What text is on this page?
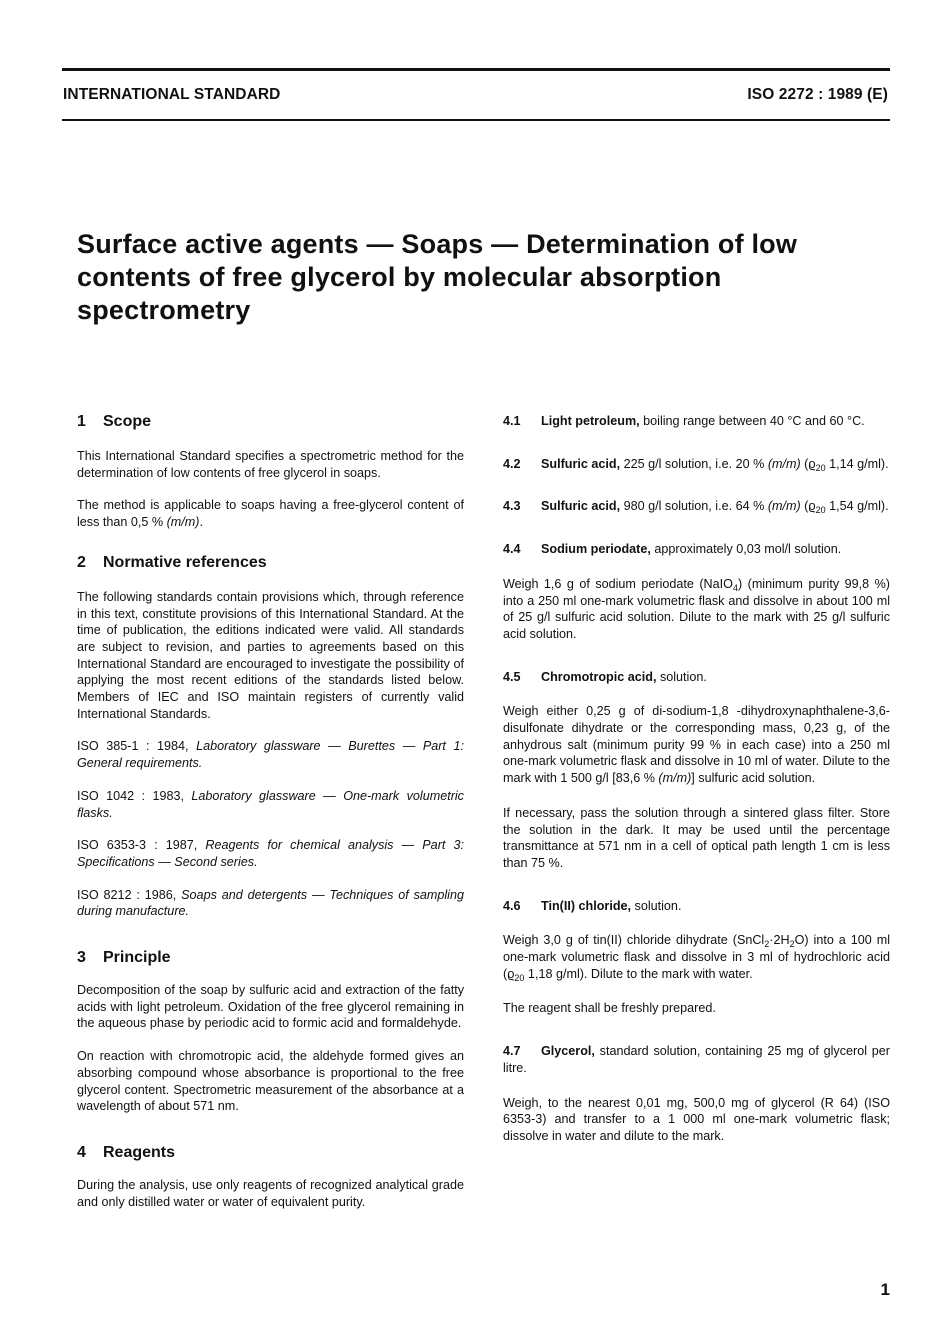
INTERNATIONAL STANDARD	ISO 2272 : 1989 (E)
Surface active agents — Soaps — Determination of low contents of free glycerol by molecular absorption spectrometry
1 Scope

This International Standard specifies a spectrometric method for the determination of low contents of free glycerol in soaps.

The method is applicable to soaps having a free-glycerol content of less than 0,5 % (m/m).

2 Normative references

The following standards contain provisions which, through reference in this text, constitute provisions of this International Standard. At the time of publication, the editions indicated were valid. All standards are subject to revision, and parties to agreements based on this International Standard are encouraged to investigate the possibility of applying the most recent editions of the standards listed below. Members of IEC and ISO maintain registers of currently valid International Standards.

ISO 385-1 : 1984, Laboratory glassware — Burettes — Part 1: General requirements.

ISO 1042 : 1983, Laboratory glassware — One-mark volumetric flasks.

ISO 6353-3 : 1987, Reagents for chemical analysis — Part 3: Specifications — Second series.

ISO 8212 : 1986, Soaps and detergents — Techniques of sampling during manufacture.

3 Principle

Decomposition of the soap by sulfuric acid and extraction of the fatty acids with light petroleum. Oxidation of the free glycerol remaining in the aqueous phase by periodic acid to formic acid and formaldehyde.

On reaction with chromotropic acid, the aldehyde formed gives an absorbing compound whose absorbance is proportional to the free glycerol content. Spectrometric measurement of the absorbance at a wavelength of about 571 nm.

4 Reagents

During the analysis, use only reagents of recognized analytical grade and only distilled water or water of equivalent purity.

4.1 Light petroleum, boiling range between 40 °C and 60 °C.

4.2 Sulfuric acid, 225 g/l solution, i.e. 20 % (m/m) ($ϱ_{20}$ 1,14 g/ml).

4.3 Sulfuric acid, 980 g/l solution, i.e. 64 % (m/m) ($ϱ_{20}$ 1,54 g/ml).

4.4 Sodium periodate, approximately 0,03 mol/l solution.

Weigh 1,6 g of sodium periodate (NaIO$_4$) (minimum purity 99,8 %) into a 250 ml one-mark volumetric flask and dissolve in about 100 ml of 25 g/l sulfuric acid solution. Dilute to the mark with 25 g/l sulfuric acid solution.

4.5 Chromotropic acid, solution.

Weigh either 0,25 g of di-sodium-1,8 -dihydroxynaphthalene-3,6-disulfonate dihydrate or the corresponding mass, 0,23 g, of the anhydrous salt (minimum purity 99 % in each case) into a 250 ml one-mark volumetric flask and dissolve in 10 ml of water. Dilute to the mark with 1 500 g/l [83,6 % (m/m)] sulfuric acid solution.

If necessary, pass the solution through a sintered glass filter. Store the solution in the dark. It may be used until the percentage transmittance at 571 nm in a cell of optical path length 1 cm is less than 75 %.

4.6 Tin(II) chloride, solution.

Weigh 3,0 g of tin(II) chloride dihydrate $(SnCl_2\cdot 2H_2O)$ into a 100 ml one-mark volumetric flask and dissolve in 3 ml of hydrochloric acid ($ϱ_{20}$ 1,18 g/ml). Dilute to the mark with water.

The reagent shall be freshly prepared.

4.7 Glycerol, standard solution, containing 25 mg of glycerol per litre.

Weigh, to the nearest 0,01 mg, 500,0 mg of glycerol (R 64) (ISO 6353-3) and transfer to a 1 000 ml one-mark volumetric flask; dissolve in water and dilute to the mark.

1
